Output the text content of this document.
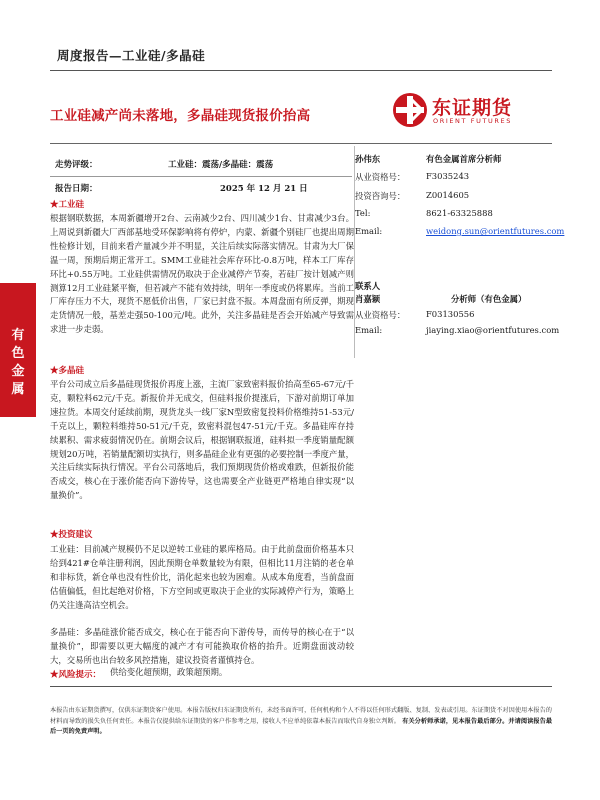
周度报告—工业硅/多晶硅
工业硅减产尚未落地，多晶硅现货报价抬高	东证期货
ORIENT FUTURES
走势评级：	工业硅：震荡/多晶硅：震荡
报告日期：	2025 年 12 月 21 日
有
色
金
属
★工业硅
根据钢联数据，本周新疆增开2台、云南减少2台、四川减少1台、甘肃减少3台。上周说到新疆大厂西部基地受环保影响将有停炉，内蒙、新疆个别硅厂也提出周期性检修计划，目前来看产量减少并不明显，关注后续实际落实情况。甘肃为大厂保温一周，预期后期正常开工。SMM工业硅社会库存环比-0.8万吨，样本工厂库存环比+0.55万吨。工业硅供需情况仍取决于企业减停产节奏，若硅厂按计划减产则测算12月工业硅紧平衡，但若减产不能有效持续，明年一季度或仍将累库。当前工厂库存压力不大，现货不愿低价出售，厂家已封盘不报。本周盘面有所反弹，期现走货情况一般，基差走强50-100元/吨。此外，关注多晶硅是否会开始减产导致需求进一步走弱。
★多晶硅
平台公司成立后多晶硅现货报价再度上涨，主流厂家致密料报价抬高至65-67元/千克，颗粒料62元/千克。新报价并无成交，但硅料报价提涨后，下游对前期订单加速拉货。本周交付延续前期，现货龙头一线厂家N型致密复投料价格维持51-53元/千克以上，颗粒料维持50-51元/千克，致密料混包47-51元/千克。多晶硅库存持续累积、需求疲弱情况仍在。前期会议后，根据钢联报道，硅料拟一季度销量配额规划20万吨，若销量配额切实执行，则多晶硅企业有更强的必要控制一季度产量，关注后续实际执行情况。平台公司落地后，我们预期现货价格或难跌，但新报价能否成交，核心在于涨价能否向下游传导，这也需要全产业链更严格地自律实现“以量换价”。
★投资建议
工业硅：目前减产规模仍不足以逆转工业硅的累库格局。由于此前盘面价格基本只给到421#仓单注册利润，因此预期仓单数量较为有限，但相比11月注销的老仓单和非标货，新仓单也没有性价比，消化起来也较为困难。从成本角度看，当前盘面估值偏低，但比起绝对价格，下方空间或更取决于企业的实际减停产行为，策略上仍关注逢高沽空机会。
多晶硅：多晶硅涨价能否成交，核心在于能否向下游传导，而传导的核心在于“以量换价”，即需要以更大幅度的减产才有可能换取价格的抬升。近期盘面波动较大，交易所也出台较多风控措施，建议投资者谨慎持仓。
★风险提示： 供给变化超预期，政策超预期。
孙伟东	有色金属首席分析师
从业资格号： F3035243
投资咨询号： Z0014605
Tel:	8621-63325888
Email:	weidong.sun@orientfutures.com
联系人
肖嘉颖	分析师（有色金属）
从业资格号： F03130556
Email:	jiaying.xiao@orientfutures.com
本报告由东证期货撰写，仅供东证期货客户使用。本报告版权归东证期货所有，未经书面许可，任何机构和个人不得以任何形式翻版、复制、发表或引用。东证期货不对因使用本报告的材料而导致的损失负任何责任。本报告仅提供给东证期货的客户作参考之用，接收人不应单纯依靠本报告而取代自身独立判断。 有关分析师承诺，见本报告最后部分。并请阅读报告最后一页的免责声明。
